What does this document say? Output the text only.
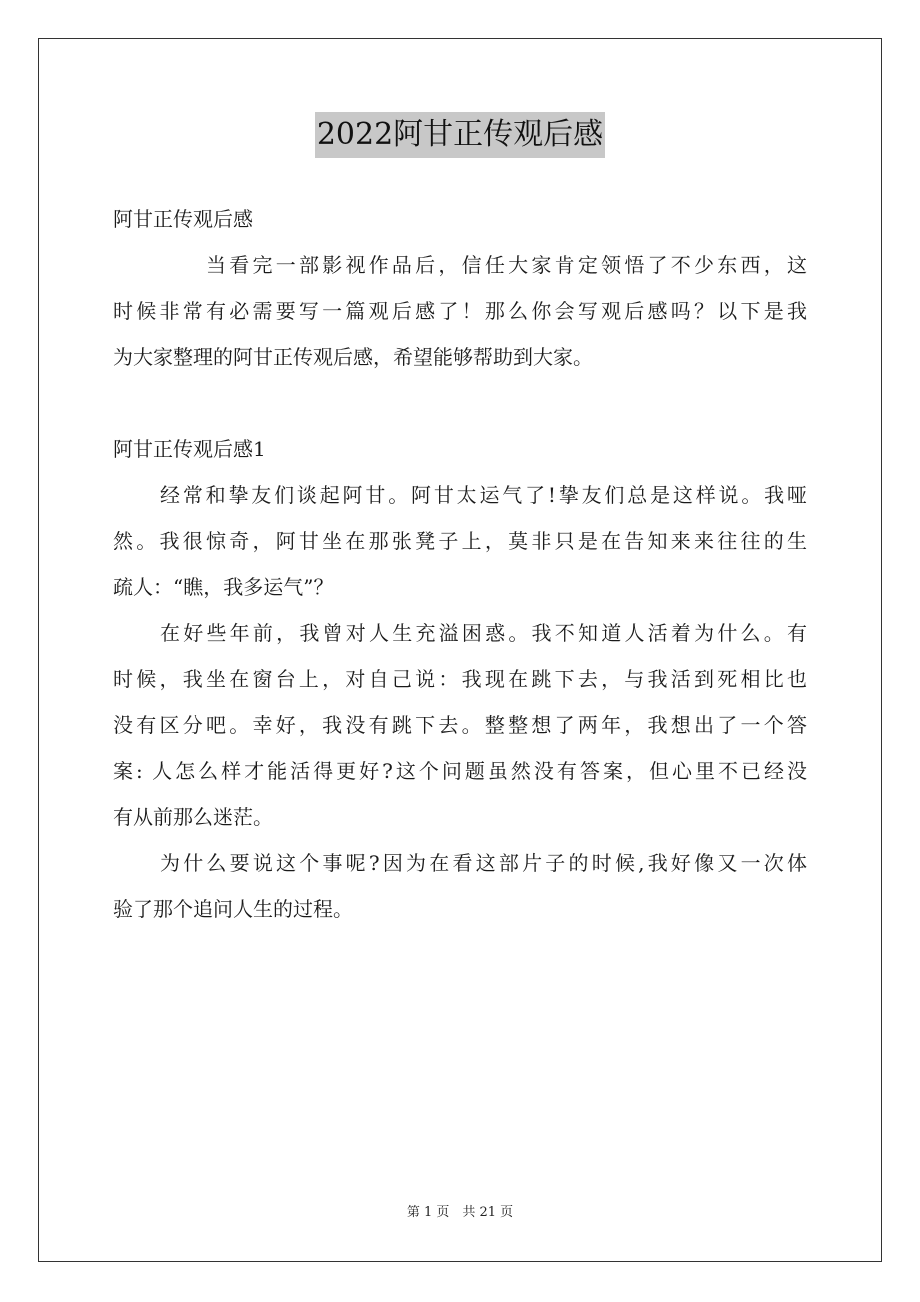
2022阿甘正传观后感
阿甘正传观后感
当看完一部影视作品后，信任大家肯定领悟了不少东西，这
时候非常有必需要写一篇观后感了！那么你会写观后感吗？以下是我
为大家整理的阿甘正传观后感，希望能够帮助到大家。
阿甘正传观后感1
经常和挚友们谈起阿甘。阿甘太运气了!挚友们总是这样说。我哑
然。我很惊奇，阿甘坐在那张凳子上，莫非只是在告知来来往往的生
疏人：“瞧，我多运气”？
在好些年前，我曾对人生充溢困惑。我不知道人活着为什么。有
时候，我坐在窗台上，对自己说：我现在跳下去，与我活到死相比也
没有区分吧。幸好，我没有跳下去。整整想了两年，我想出了一个答
案: 人怎么样才能活得更好?这个问题虽然没有答案，但心里不已经没
有从前那么迷茫。
为什么要说这个事呢?因为在看这部片子的时候,我好像又一次体
验了那个追问人生的过程。
第 1 页　共 21 页
